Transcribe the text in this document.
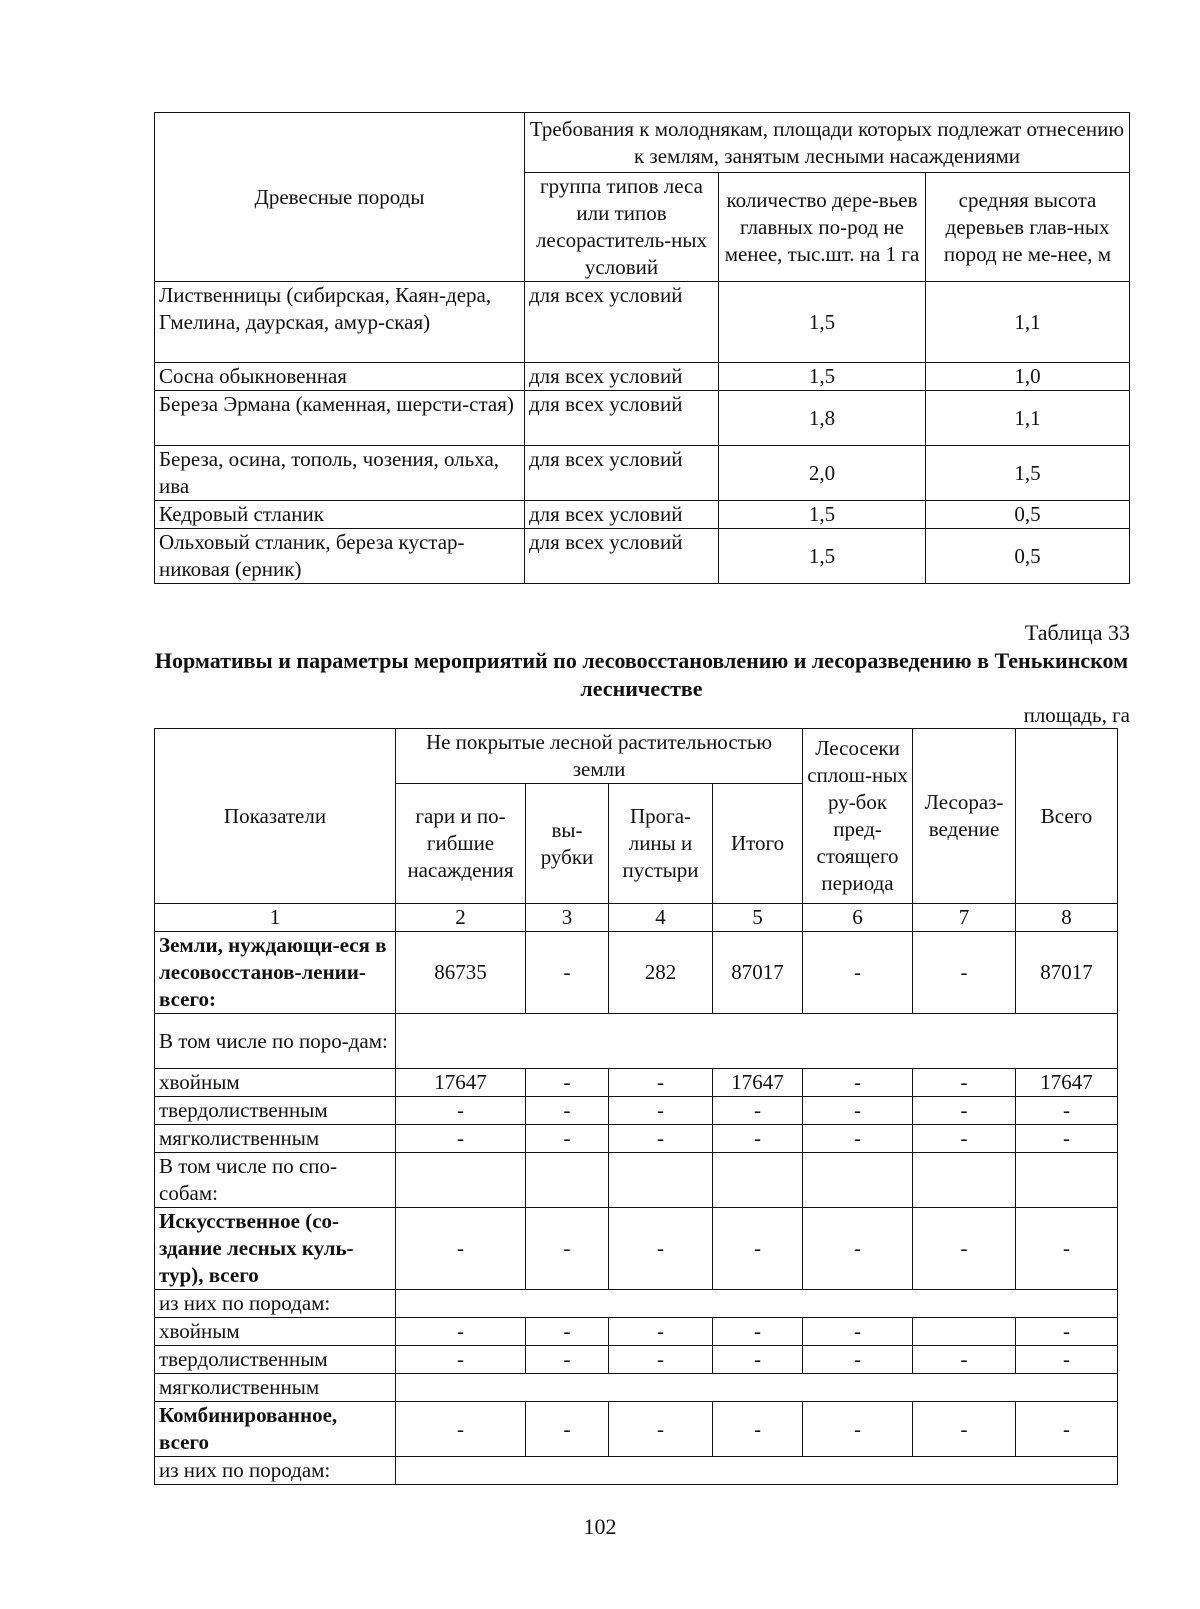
Древесные породы	Требования к молоднякам, площади которых подлежат отнесению к землям, занятым лесными насаждениями		
	группа типов леса или типов лесораститель-ных условий	количество дере-вьев главных по-род не менее, тыс.шт. на 1 га	средняя высота деревьев глав-ных пород не ме-нее, м
Лиственницы (сибирская, Каян-дера, Гмелина, даурская, амур-ская)	для всех условий	1,5	1,1
Сосна обыкновенная	для всех условий	1,5	1,0
Береза Эрмана (каменная, шерсти-стая)	для всех условий	1,8	1,1
Береза, осина, тополь, чозения, ольха, ива	для всех условий	2,0	1,5
Кедровый стланик	для всех условий	1,5	0,5
Ольховый стланик, береза кустар-никовая (ерник)	для всех условий	1,5	0,5
Таблица 33
Нормативы и параметры мероприятий по лесовосстановлению и лесоразведению в Тенькинском лесничестве
площадь, га
Показатели	Не покрытые лесной растительностью земли				Лесосеки сплош-ных ру-бок пред-стоящего периода	Лесораз-ведение	Всего
	гари и по-гибшие насаждения	вы-рубки	Прога-лины и пустыри	Итого			
1	2	3	4	5	6	7	8
Земли, нуждающи-еся в лесовосстанов-лении- всего:	86735	-	282	87017	-	-	87017
В том числе по поро-дам:							
хвойным	17647	-	-	17647	-	-	17647
твердолиственным	-	-	-	-	-	-	-
мягколиственным	-	-	-	-	-	-	-
В том числе по спо-собам:							
Искусственное (со-здание лесных куль-тур), всего	-	-	-	-	-	-	-
из них по породам:							
хвойным	-	-	-	-	-		-
твердолиственным	-	-	-	-	-	-	-
мягколиственным							
Комбинированное, всего	-	-	-	-	-	-	-
из них по породам:							
102
